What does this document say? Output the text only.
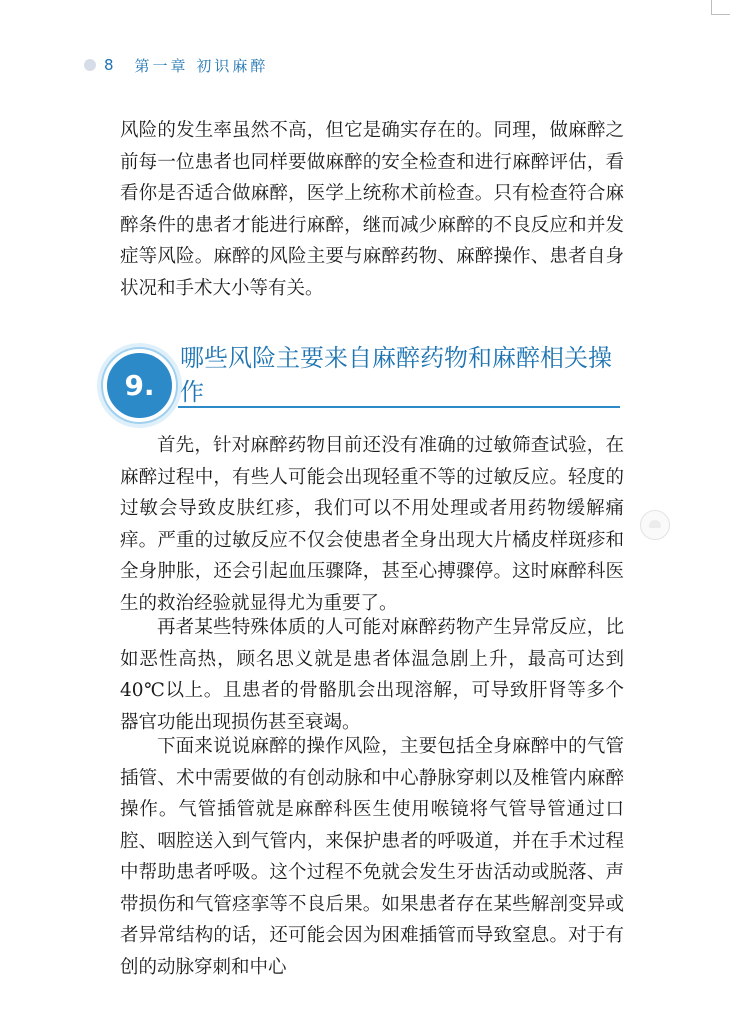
8 第一章 初识麻醉

风险的发生率虽然不高，但它是确实存在的。同理，做麻醉之前每一位患者也同样要做麻醉的安全检查和进行麻醉评估，看看你是否适合做麻醉，医学上统称术前检查。只有检查符合麻醉条件的患者才能进行麻醉，继而减少麻醉的不良反应和并发症等风险。麻醉的风险主要与麻醉药物、麻醉操作、患者自身状况和手术大小等有关。

9.
哪些风险主要来自麻醉药物和麻醉相关操作

首先，针对麻醉药物目前还没有准确的过敏筛查试验，在麻醉过程中，有些人可能会出现轻重不等的过敏反应。轻度的过敏会导致皮肤红疹，我们可以不用处理或者用药物缓解痛痒。严重的过敏反应不仅会使患者全身出现大片橘皮样斑疹和全身肿胀，还会引起血压骤降，甚至心搏骤停。这时麻醉科医生的救治经验就显得尤为重要了。

再者某些特殊体质的人可能对麻醉药物产生异常反应，比如恶性高热，顾名思义就是患者体温急剧上升，最高可达到 40℃以上。且患者的骨骼肌会出现溶解，可导致肝肾等多个器官功能出现损伤甚至衰竭。

下面来说说麻醉的操作风险，主要包括全身麻醉中的气管插管、术中需要做的有创动脉和中心静脉穿刺以及椎管内麻醉操作。气管插管就是麻醉科医生使用喉镜将气管导管通过口腔、咽腔送入到气管内，来保护患者的呼吸道，并在手术过程中帮助患者呼吸。这个过程不免就会发生牙齿活动或脱落、声带损伤和气管痉挛等不良后果。如果患者存在某些解剖变异或者异常结构的话，还可能会因为困难插管而导致窒息。对于有创的动脉穿刺和中心
